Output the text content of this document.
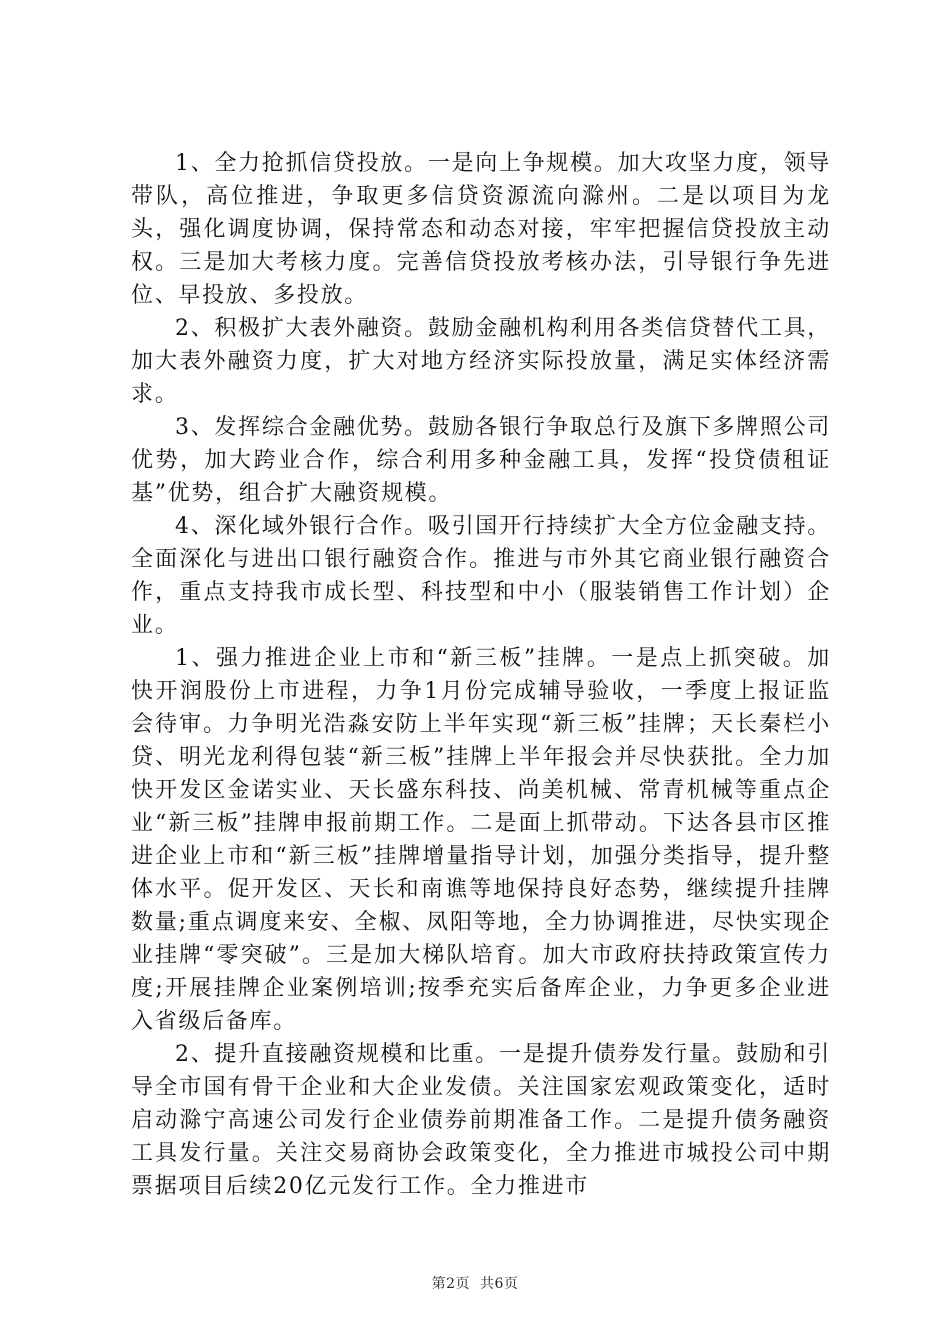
1、全力抢抓信贷投放。一是向上争规模。加大攻坚力度，领导带队，高位推进，争取更多信贷资源流向滁州。二是以项目为龙头，强化调度协调，保持常态和动态对接，牢牢把握信贷投放主动权。三是加大考核力度。完善信贷投放考核办法，引导银行争先进位、早投放、多投放。

2、积极扩大表外融资。鼓励金融机构利用各类信贷替代工具，加大表外融资力度，扩大对地方经济实际投放量，满足实体经济需求。

3、发挥综合金融优势。鼓励各银行争取总行及旗下多牌照公司优势，加大跨业合作，综合利用多种金融工具，发挥“投贷债租证基”优势，组合扩大融资规模。

4、深化域外银行合作。吸引国开行持续扩大全方位金融支持。全面深化与进出口银行融资合作。推进与市外其它商业银行融资合作，重点支持我市成长型、科技型和中小（服装销售工作计划）企业。

1、强力推进企业上市和“新三板”挂牌。一是点上抓突破。加快开润股份上市进程，力争1月份完成辅导验收，一季度上报证监会待审。力争明光浩淼安防上半年实现“新三板”挂牌；天长秦栏小贷、明光龙利得包装“新三板”挂牌上半年报会并尽快获批。全力加快开发区金诺实业、天长盛东科技、尚美机械、常青机械等重点企业“新三板”挂牌申报前期工作。二是面上抓带动。下达各县市区推进企业上市和“新三板”挂牌增量指导计划，加强分类指导，提升整体水平。促开发区、天长和南谯等地保持良好态势，继续提升挂牌数量;重点调度来安、全椒、凤阳等地，全力协调推进，尽快实现企业挂牌“零突破”。三是加大梯队培育。加大市政府扶持政策宣传力度;开展挂牌企业案例培训;按季充实后备库企业，力争更多企业进入省级后备库。

2、提升直接融资规模和比重。一是提升债券发行量。鼓励和引导全市国有骨干企业和大企业发债。关注国家宏观政策变化，适时启动滁宁高速公司发行企业债券前期准备工作。二是提升债务融资工具发行量。关注交易商协会政策变化，全力推进市城投公司中期票据项目后续20亿元发行工作。全力推进市

第2页 共6页
